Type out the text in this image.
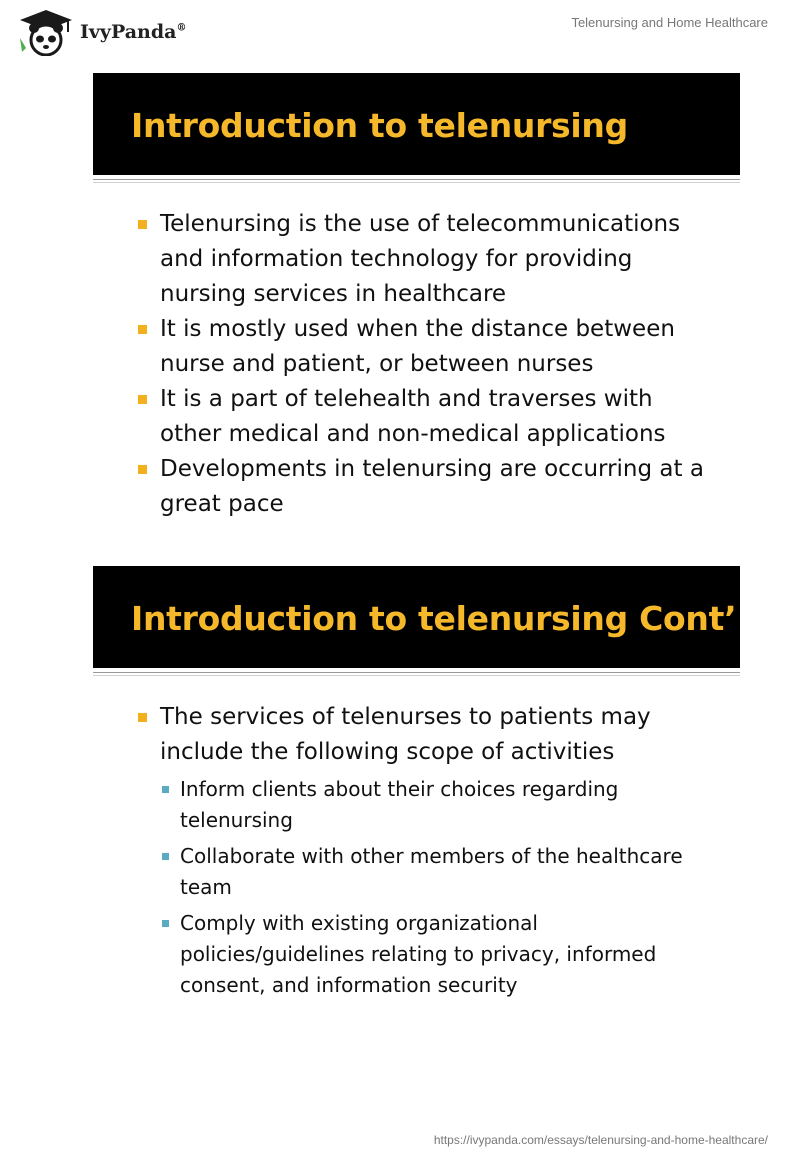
IvyPanda®	Telenursing and Home Healthcare
Introduction to telenursing
Telenursing is the use of telecommunications and information technology for providing nursing services in healthcare
It is mostly used when the distance between nurse and patient, or between nurses
It is a part of telehealth and traverses with other medical and non-medical applications
Developments in telenursing are occurring at a great pace
Introduction to telenursing Cont’
The services of telenurses to patients may include the following scope of activities
Inform clients about their choices regarding telenursing
Collaborate with other members of the healthcare team
Comply with existing organizational policies/guidelines relating to privacy, informed consent, and information security
https://ivypanda.com/essays/telenursing-and-home-healthcare/
